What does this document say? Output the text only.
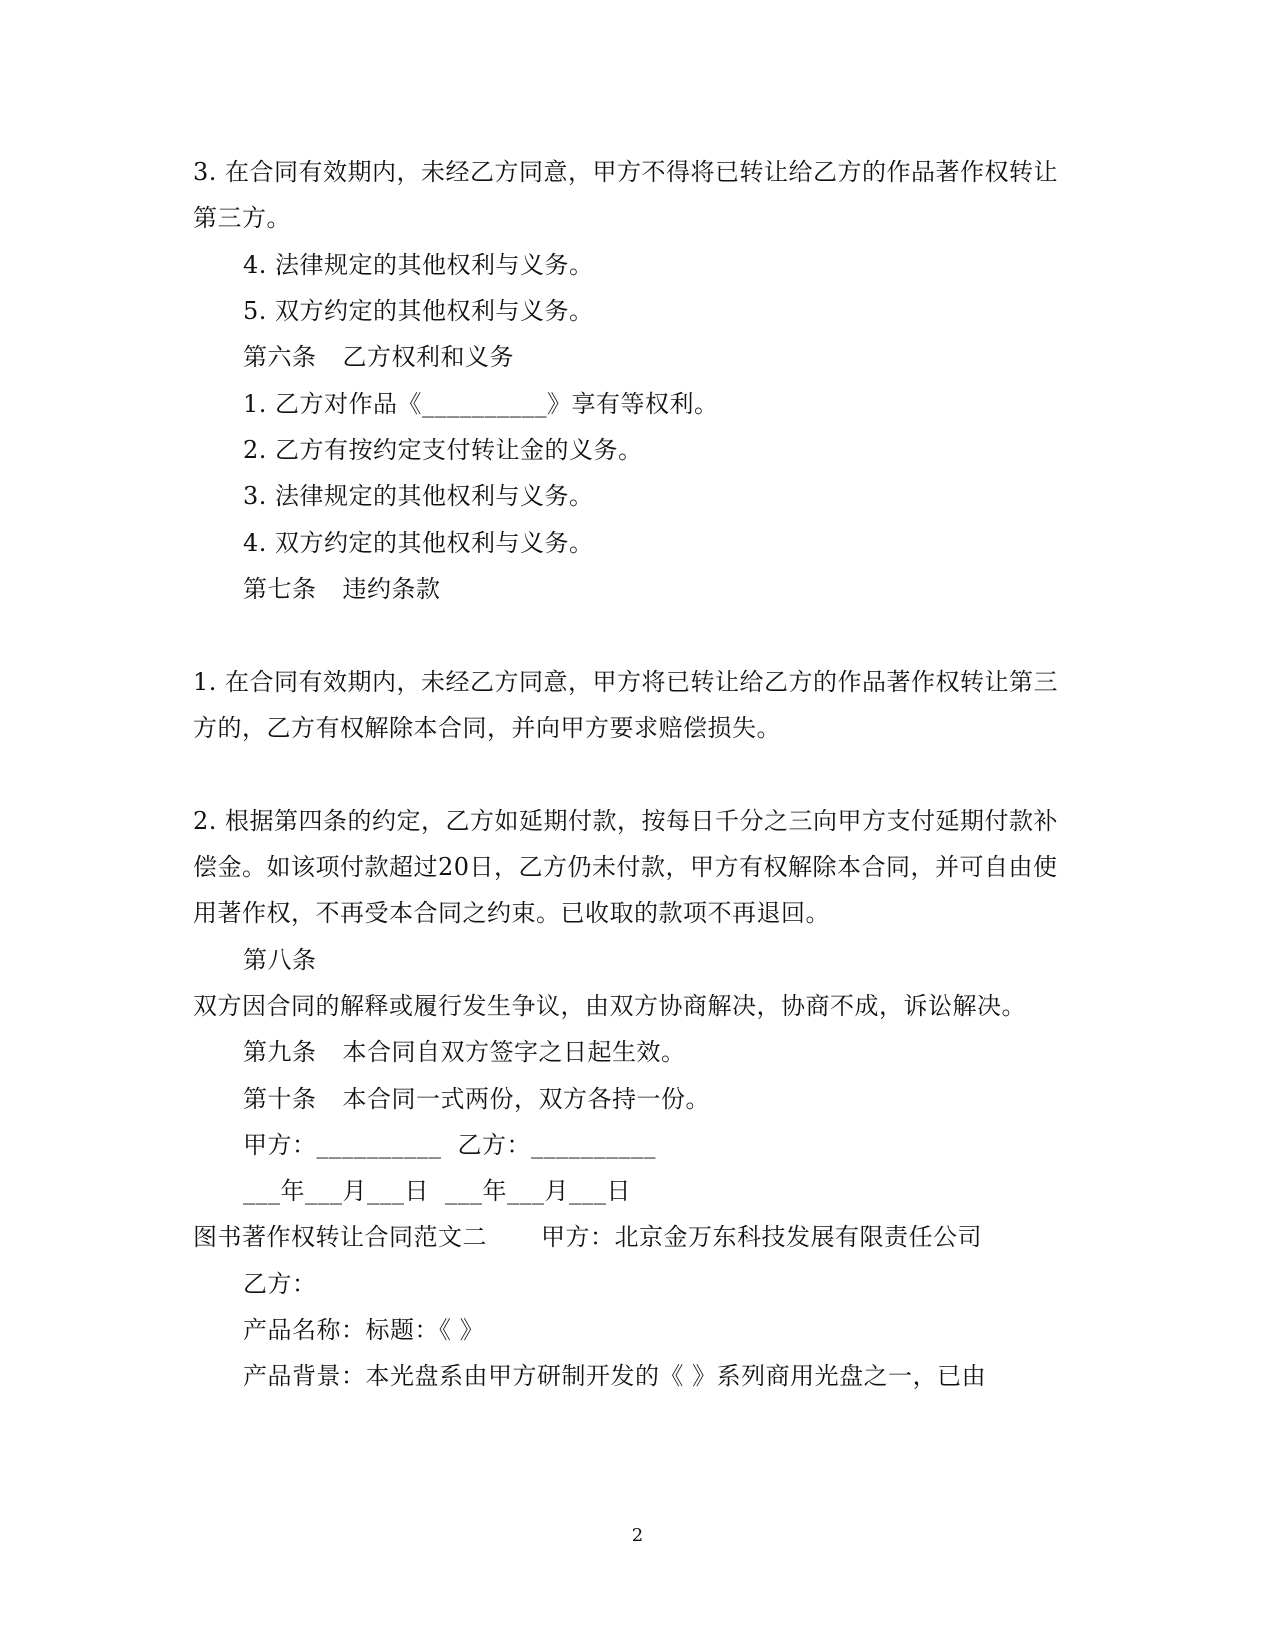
3. 在合同有效期内，未经乙方同意，甲方不得将已转让给乙方的作品著作权转让
第三方。
4. 法律规定的其他权利与义务。
5. 双方约定的其他权利与义务。
第六条 乙方权利和义务
1. 乙方对作品《__________》享有等权利。
2. 乙方有按约定支付转让金的义务。
3. 法律规定的其他权利与义务。
4. 双方约定的其他权利与义务。
第七条 违约条款
1. 在合同有效期内，未经乙方同意，甲方将已转让给乙方的作品著作权转让第三
方的，乙方有权解除本合同，并向甲方要求赔偿损失。
2. 根据第四条的约定，乙方如延期付款，按每日千分之三向甲方支付延期付款补
偿金。如该项付款超过20日，乙方仍未付款，甲方有权解除本合同，并可自由使
用著作权，不再受本合同之约束。已收取的款项不再退回。
第八条
双方因合同的解释或履行发生争议，由双方协商解决，协商不成，诉讼解决。
第九条 本合同自双方签字之日起生效。
第十条 本合同一式两份，双方各持一份。
甲方：__________ 乙方：__________
___年___月___日 ___年___月___日
图书著作权转让合同范文二 甲方：北京金万东科技发展有限责任公司
乙方：
产品名称：标题：《 》
产品背景：本光盘系由甲方研制开发的《 》系列商用光盘之一，已由
2
